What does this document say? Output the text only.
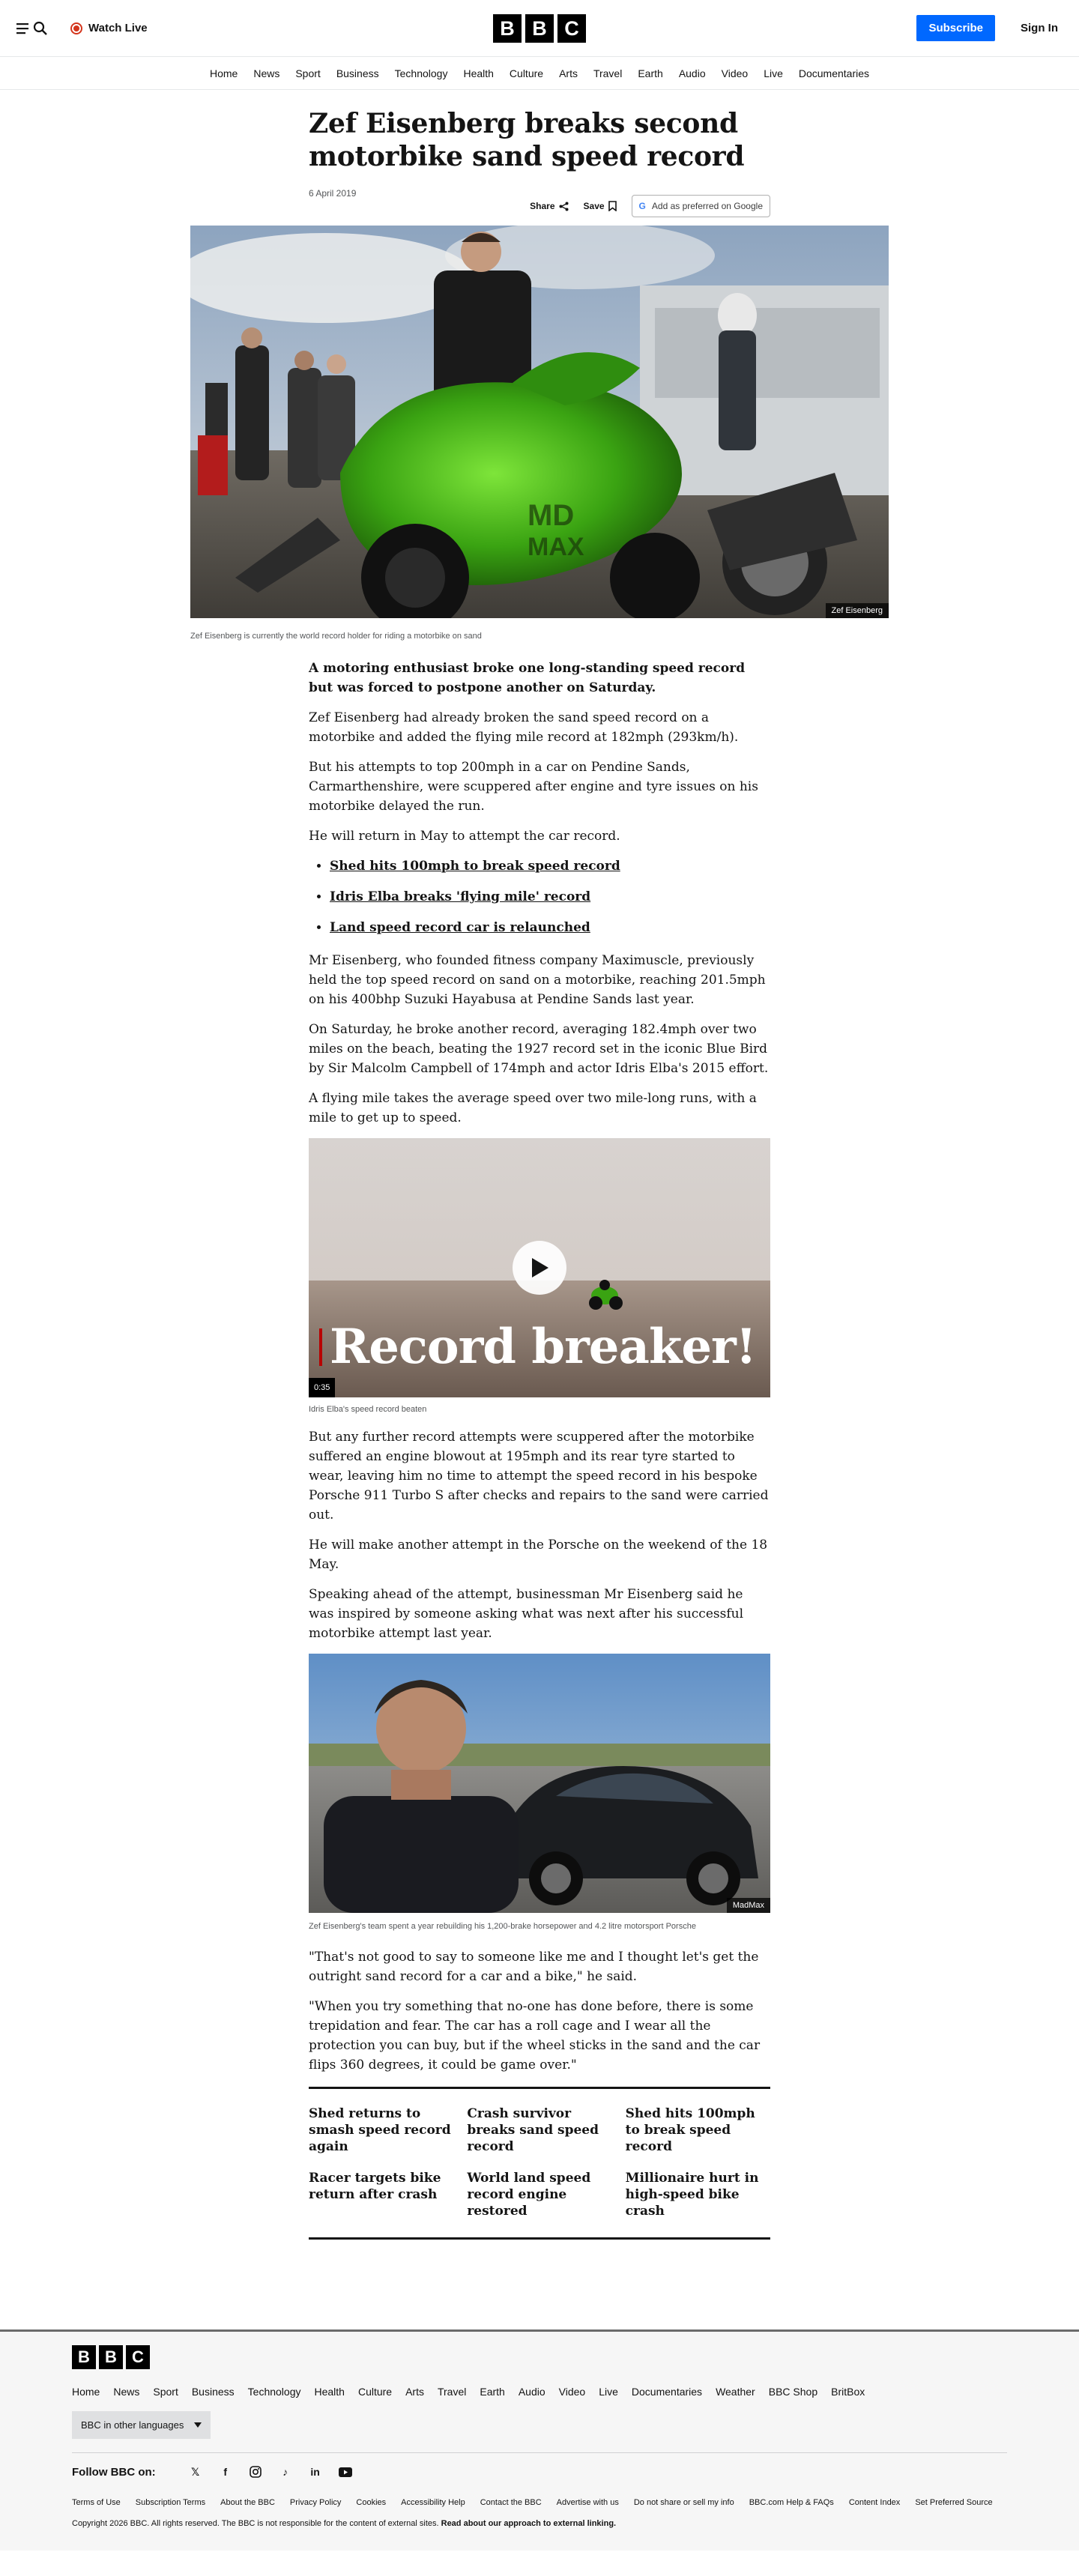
Watch Live	B B C	Subscribe	Sign In
Home News Sport Business Technology Health Culture Arts Travel Earth Audio Video Live Documentaries
Zef Eisenberg breaks second motorbike sand speed record
6 April 2019
Share	Save	G Add as preferred on Google
MD
MAX
Zef Eisenberg
Zef Eisenberg is currently the world record holder for riding a motorbike on sand

A motoring enthusiast broke one long-standing speed record but was forced to postpone another on Saturday.

Zef Eisenberg had already broken the sand speed record on a motorbike and added the flying mile record at 182mph (293km/h).

But his attempts to top 200mph in a car on Pendine Sands, Carmarthenshire, were scuppered after engine and tyre issues on his motorbike delayed the run.

He will return in May to attempt the car record.

• Shed hits 100mph to break speed record
• Idris Elba breaks 'flying mile' record
• Land speed record car is relaunched

Mr Eisenberg, who founded fitness company Maximuscle, previously held the top speed record on sand on a motorbike, reaching 201.5mph on his 400bhp Suzuki Hayabusa at Pendine Sands last year.

On Saturday, he broke another record, averaging 182.4mph over two miles on the beach, beating the 1927 record set in the iconic Blue Bird by Sir Malcolm Campbell of 174mph and actor Idris Elba's 2015 effort.

A flying mile takes the average speed over two mile-long runs, with a mile to get up to speed.

Record breaker!
0:35
Idris Elba's speed record beaten

But any further record attempts were scuppered after the motorbike suffered an engine blowout at 195mph and its rear tyre started to wear, leaving him no time to attempt the speed record in his bespoke Porsche 911 Turbo S after checks and repairs to the sand were carried out.

He will make another attempt in the Porsche on the weekend of the 18 May.

Speaking ahead of the attempt, businessman Mr Eisenberg said he was inspired by someone asking what was next after his successful motorbike attempt last year.

MadMax
Zef Eisenberg's team spent a year rebuilding his 1,200-brake horsepower and 4.2 litre motorsport Porsche

"That's not good to say to someone like me and I thought let's get the outright sand record for a car and a bike," he said.

"When you try something that no-one has done before, there is some trepidation and fear. The car has a roll cage and I wear all the protection you can buy, but if the wheel sticks in the sand and the car flips 360 degrees, it could be game over."

Shed returns to smash speed record again
Crash survivor breaks sand speed record
Shed hits 100mph to break speed record
Racer targets bike return after crash
World land speed record engine restored
Millionaire hurt in high-speed bike crash
B B C
Home News Sport Business Technology Health Culture Arts Travel Earth Audio Video Live Documentaries Weather BBC Shop BritBox
BBC in other languages
Follow BBC on:	𝕏	f	♪	in
Terms of Use Subscription Terms About the BBC Privacy Policy Cookies Accessibility Help Contact the BBC Advertise with us Do not share or sell my info BBC.com Help & FAQs Content Index Set Preferred Source

Copyright 2026 BBC. All rights reserved. The BBC is not responsible for the content of external sites. Read about our approach to external linking.
